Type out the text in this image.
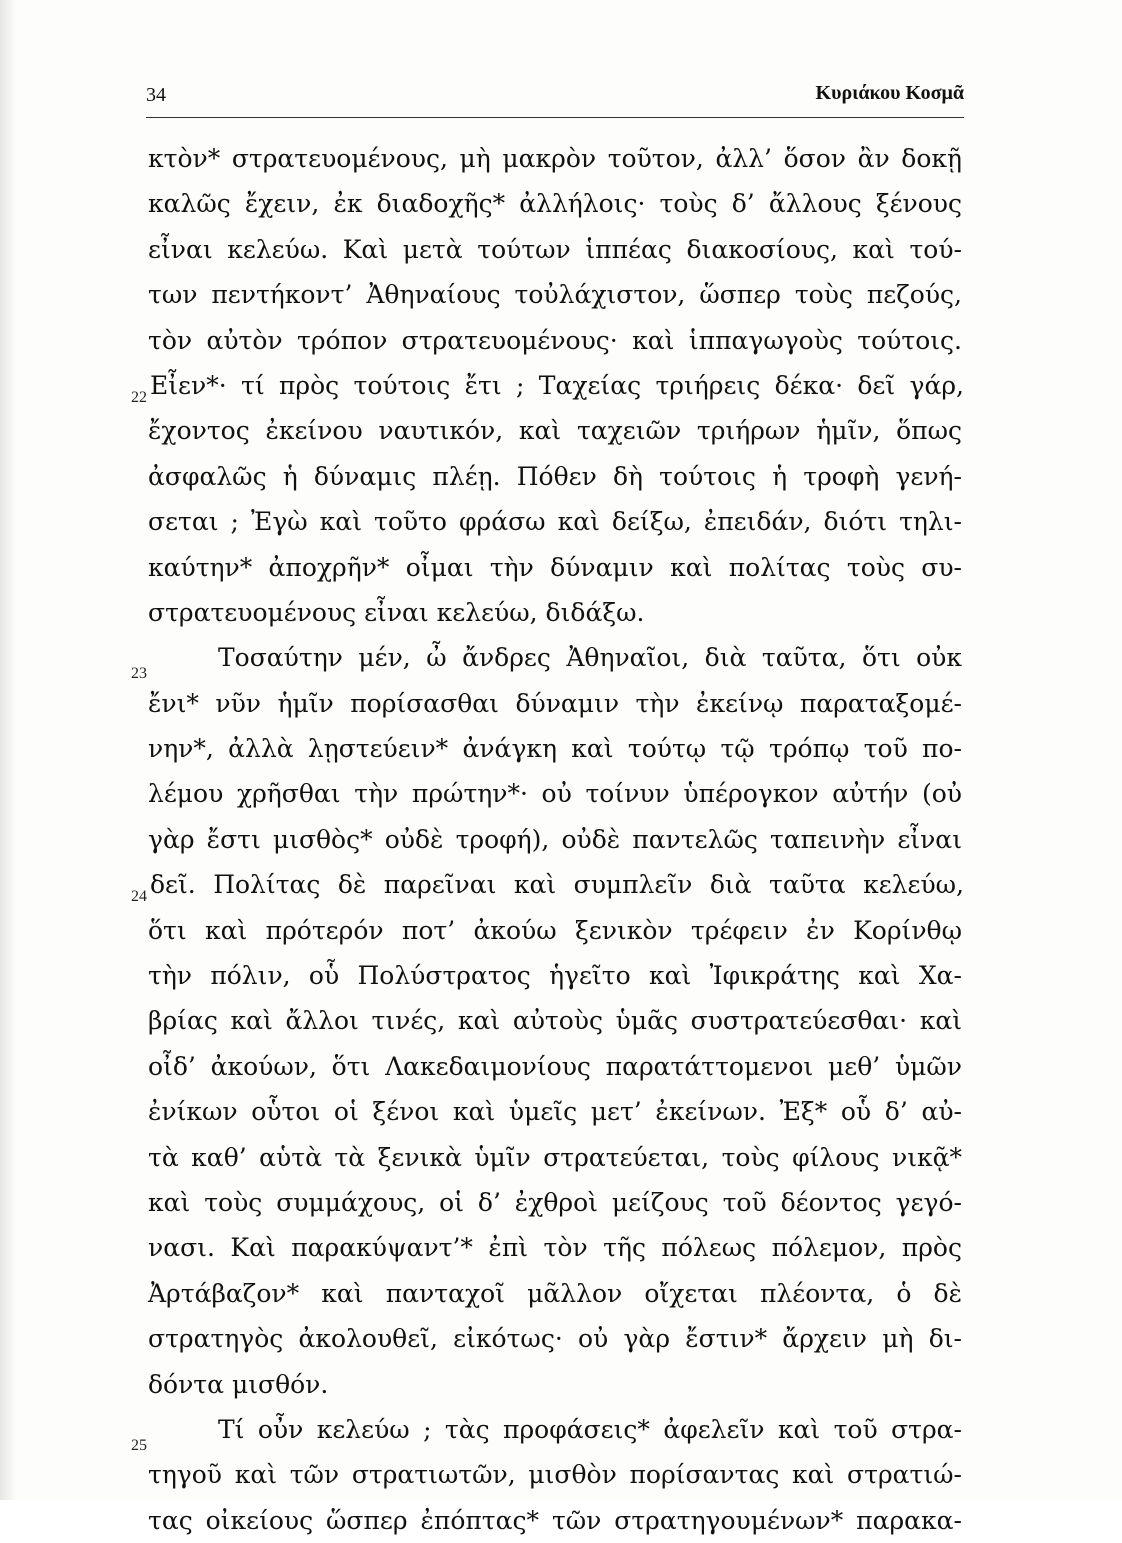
34	Κυριάκου Κοσμᾶ
κτὸν* στρατευομένους, μὴ μακρὸν τοῦτον, ἀλλ’ ὅσον ἂν δοκῇ
καλῶς ἔχειν, ἐκ διαδοχῆς* ἀλλήλοις· τοὺς δ’ ἄλλους ξένους
εἶναι κελεύω. Καὶ μετὰ τούτων ἱππέας διακοσίους, καὶ τού-
των πεντήκοντ’ Ἀθηναίους τοὐλάχιστον, ὥσπερ τοὺς πεζούς,
τὸν αὐτὸν τρόπον στρατευομένους· καὶ ἱππαγωγοὺς τούτοις.
22 Εἶεν*· τί πρὸς τούτοις ἔτι ; Ταχείας τριήρεις δέκα· δεῖ γάρ,
ἔχοντος ἐκείνου ναυτικόν, καὶ ταχειῶν τριήρων ἡμῖν, ὅπως
ἀσφαλῶς ἡ δύναμις πλέῃ. Πόθεν δὴ τούτοις ἡ τροφὴ γενή-
σεται ; Ἐγὼ καὶ τοῦτο φράσω καὶ δείξω, ἐπειδάν, διότι τηλι-
καύτην* ἀποχρῆν* οἶμαι τὴν δύναμιν καὶ πολίτας τοὺς συ-
στρατευομένους εἶναι κελεύω, διδάξω.
23
Τοσαύτην μέν, ὦ ἄνδρες Ἀθηναῖοι, διὰ ταῦτα, ὅτι οὐκ
ἔνι* νῦν ἡμῖν πορίσασθαι δύναμιν τὴν ἐκείνῳ παραταξομέ-
νην*, ἀλλὰ λῃστεύειν* ἀνάγκη καὶ τούτῳ τῷ τρόπῳ τοῦ πο-
λέμου χρῆσθαι τὴν πρώτην*· οὐ τοίνυν ὑπέρογκον αὐτήν (οὐ
γὰρ ἔστι μισθὸς* οὐδὲ τροφή), οὐδὲ παντελῶς ταπεινὴν εἶναι
24 δεῖ. Πολίτας δὲ παρεῖναι καὶ συμπλεῖν διὰ ταῦτα κελεύω,
ὅτι καὶ πρότερόν ποτ’ ἀκούω ξενικὸν τρέφειν ἐν Κορίνθῳ
τὴν πόλιν, οὗ Πολύστρατος ἡγεῖτο καὶ Ἰφικράτης καὶ Χα-
βρίας καὶ ἄλλοι τινές, καὶ αὐτοὺς ὑμᾶς συστρατεύεσθαι· καὶ
οἶδ’ ἀκούων, ὅτι Λακεδαιμονίους παρατάττομενοι μεθ’ ὑμῶν
ἐνίκων οὗτοι οἱ ξένοι καὶ ὑμεῖς μετ’ ἐκείνων. Ἐξ* οὗ δ’ αὐ-
τὰ καθ’ αὑτὰ τὰ ξενικὰ ὑμῖν στρατεύεται, τοὺς φίλους νικᾷ*
καὶ τοὺς συμμάχους, οἱ δ’ ἐχθροὶ μείζους τοῦ δέοντος γεγό-
νασι. Καὶ παρακύψαντ’* ἐπὶ τὸν τῆς πόλεως πόλεμον, πρὸς
Ἀρτάβαζον* καὶ πανταχοῖ μᾶλλον οἴχεται πλέοντα, ὁ δὲ
στρατηγὸς ἀκολουθεῖ, εἰκότως· οὐ γὰρ ἔστιν* ἄρχειν μὴ δι-
δόντα μισθόν.
25
Τί οὖν κελεύω ; τὰς προφάσεις* ἀφελεῖν καὶ τοῦ στρα-
τηγοῦ καὶ τῶν στρατιωτῶν, μισθὸν πορίσαντας καὶ στρατιώ-
τας οἰκείους ὥσπερ ἐπόπτας* τῶν στρατηγουμένων* παρακα-
